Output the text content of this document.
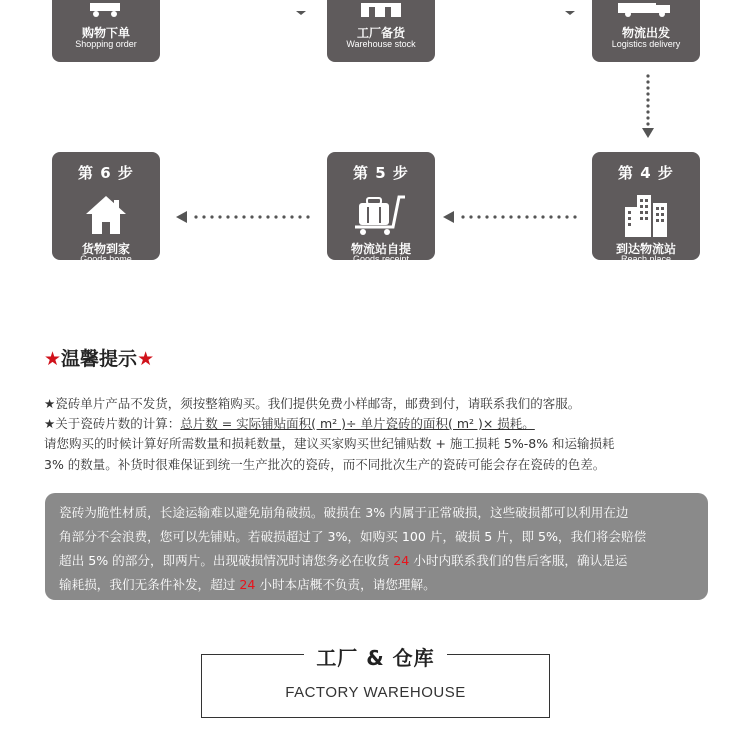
购物下单
Shopping order
工厂备货
Warehouse stock
物流出发
Logistics delivery
第 6 步
货物到家
Goods home
第 5 步
物流站自提
Goods receipt
第 4 步
到达物流站
Reach place
★温馨提示★
★瓷砖单片产品不发货，须按整箱购买。我们提供免费小样邮寄，邮费到付，请联系我们的客服。
★关于瓷砖片数的计算：总片数 = 实际铺贴面积( m² )÷ 单片瓷砖的面积( m² )× 损耗。
请您购买的时候计算好所需数量和损耗数量，建议买家购买世纪铺贴数 + 施工损耗 5%-8% 和运输损耗
3% 的数量。补货时很难保证到统一生产批次的瓷砖，而不同批次生产的瓷砖可能会存在瓷砖的色差。
瓷砖为脆性材质，长途运输难以避免崩角破损。破损在 3% 内属于正常破损，这些破损都可以利用在边
角部分不会浪费，您可以先铺贴。若破损超过了 3%，如购买 100 片，破损 5 片，即 5%，我们将会赔偿
超出 5% 的部分，即两片。出现破损情况时请您务必在收货 24 小时内联系我们的售后客服，确认是运
输耗损，我们无条件补发，超过 24 小时本店概不负责，请您理解。
工厂 & 仓库
FACTORY WAREHOUSE
